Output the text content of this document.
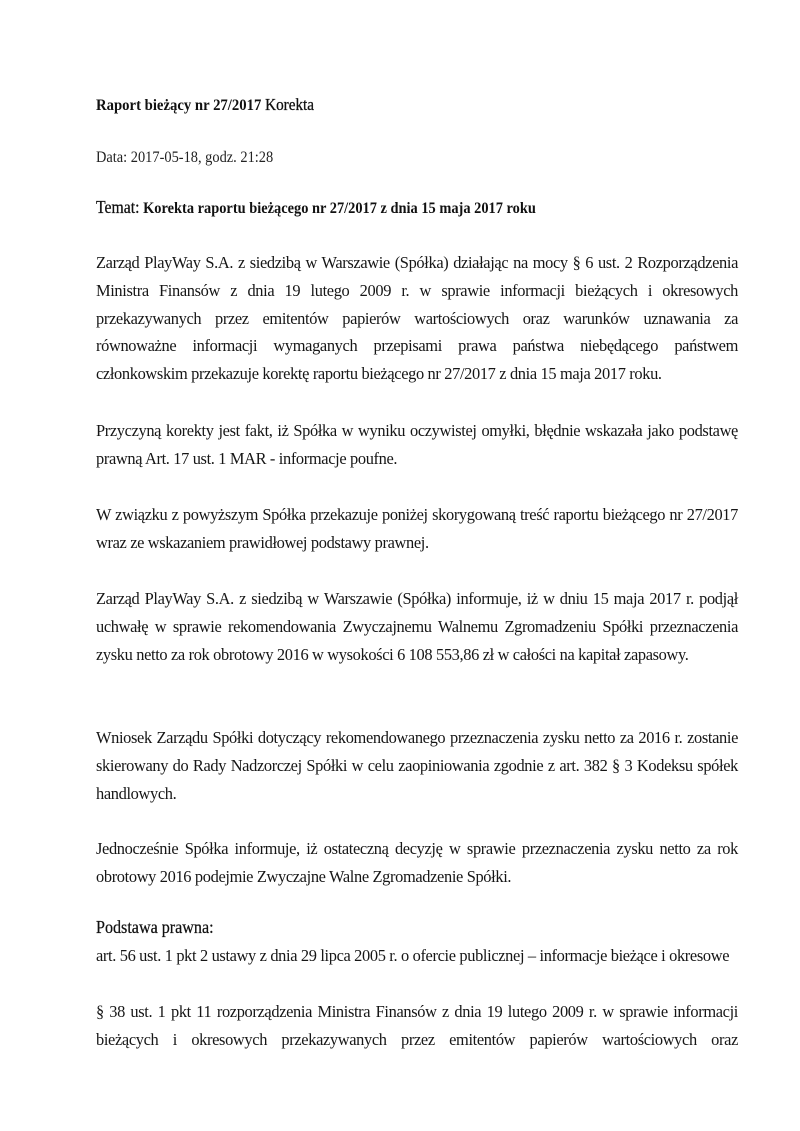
Raport bieżący nr 27/2017 Korekta
Data: 2017-05-18, godz. 21:28
Temat: Korekta raportu bieżącego nr 27/2017 z dnia 15 maja 2017 roku

Zarząd PlayWay S.A. z siedzibą w Warszawie (Spółka) działając na mocy § 6 ust. 2 Rozporządzenia Ministra Finansów z dnia 19 lutego 2009 r. w sprawie informacji bieżących i okresowych przekazywanych przez emitentów papierów wartościowych oraz warunków uznawania za równoważne informacji wymaganych przepisami prawa państwa niebędącego państwem członkowskim przekazuje korektę raportu bieżącego nr 27/2017 z dnia 15 maja 2017 roku.

Przyczyną korekty jest fakt, iż Spółka w wyniku oczywistej omyłki, błędnie wskazała jako podstawę prawną Art. 17 ust. 1 MAR - informacje poufne.

W związku z powyższym Spółka przekazuje poniżej skorygowaną treść raportu bieżącego nr 27/2017 wraz ze wskazaniem prawidłowej podstawy prawnej.

Zarząd PlayWay S.A. z siedzibą w Warszawie (Spółka) informuje, iż w dniu 15 maja 2017 r. podjął uchwałę w sprawie rekomendowania Zwyczajnemu Walnemu Zgromadzeniu Spółki przeznaczenia zysku netto za rok obrotowy 2016 w wysokości 6 108 553,86 zł w całości na kapitał zapasowy.

Wniosek Zarządu Spółki dotyczący rekomendowanego przeznaczenia zysku netto za 2016 r. zostanie skierowany do Rady Nadzorczej Spółki w celu zaopiniowania zgodnie z art. 382 § 3 Kodeksu spółek handlowych.

Jednocześnie Spółka informuje, iż ostateczną decyzję w sprawie przeznaczenia zysku netto za rok obrotowy 2016 podejmie Zwyczajne Walne Zgromadzenie Spółki.

Podstawa prawna:

art. 56 ust. 1 pkt 2 ustawy z dnia 29 lipca 2005 r. o ofercie publicznej – informacje bieżące i okresowe

§ 38 ust. 1 pkt 11 rozporządzenia Ministra Finansów z dnia 19 lutego 2009 r. w sprawie informacji bieżących i okresowych przekazywanych przez emitentów papierów wartościowych oraz
